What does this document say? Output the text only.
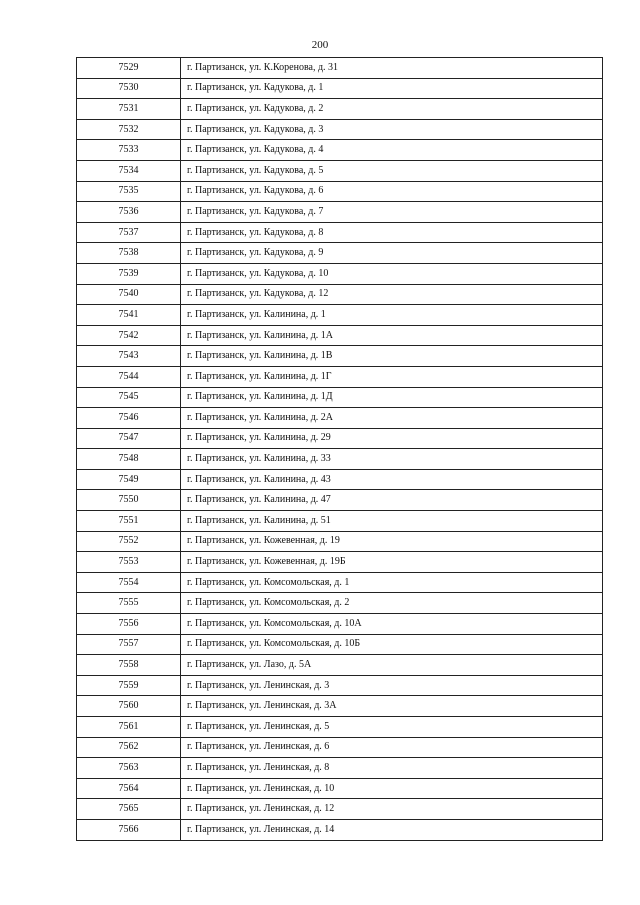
200
7529	г. Партизанск, ул. К.Коренова, д. 31
7530	г. Партизанск, ул. Кадукова, д. 1
7531	г. Партизанск, ул. Кадукова, д. 2
7532	г. Партизанск, ул. Кадукова, д. 3
7533	г. Партизанск, ул. Кадукова, д. 4
7534	г. Партизанск, ул. Кадукова, д. 5
7535	г. Партизанск, ул. Кадукова, д. 6
7536	г. Партизанск, ул. Кадукова, д. 7
7537	г. Партизанск, ул. Кадукова, д. 8
7538	г. Партизанск, ул. Кадукова, д. 9
7539	г. Партизанск, ул. Кадукова, д. 10
7540	г. Партизанск, ул. Кадукова, д. 12
7541	г. Партизанск, ул. Калинина, д. 1
7542	г. Партизанск, ул. Калинина, д. 1А
7543	г. Партизанск, ул. Калинина, д. 1В
7544	г. Партизанск, ул. Калинина, д. 1Г
7545	г. Партизанск, ул. Калинина, д. 1Д
7546	г. Партизанск, ул. Калинина, д. 2А
7547	г. Партизанск, ул. Калинина, д. 29
7548	г. Партизанск, ул. Калинина, д. 33
7549	г. Партизанск, ул. Калинина, д. 43
7550	г. Партизанск, ул. Калинина, д. 47
7551	г. Партизанск, ул. Калинина, д. 51
7552	г. Партизанск, ул. Кожевенная, д. 19
7553	г. Партизанск, ул. Кожевенная, д. 19Б
7554	г. Партизанск, ул. Комсомольская, д. 1
7555	г. Партизанск, ул. Комсомольская, д. 2
7556	г. Партизанск, ул. Комсомольская, д. 10А
7557	г. Партизанск, ул. Комсомольская, д. 10Б
7558	г. Партизанск, ул. Лазо, д. 5А
7559	г. Партизанск, ул. Ленинская, д. 3
7560	г. Партизанск, ул. Ленинская, д. 3А
7561	г. Партизанск, ул. Ленинская, д. 5
7562	г. Партизанск, ул. Ленинская, д. 6
7563	г. Партизанск, ул. Ленинская, д. 8
7564	г. Партизанск, ул. Ленинская, д. 10
7565	г. Партизанск, ул. Ленинская, д. 12
7566	г. Партизанск, ул. Ленинская, д. 14
